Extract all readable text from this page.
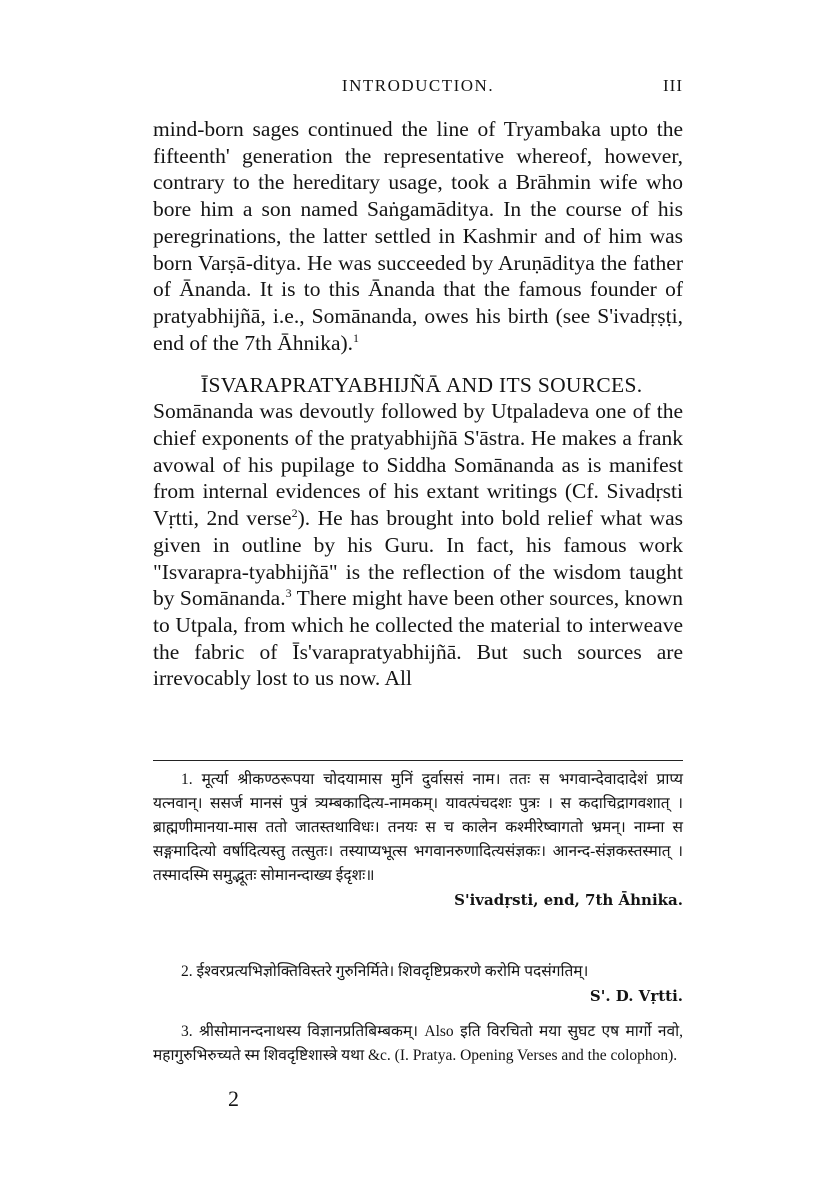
INTRODUCTION.	III

mind-born sages continued the line of Tryambaka upto the fifteenth' generation the representative whereof, however, contrary to the hereditary usage, took a Brāhmin wife who bore him a son named Saṅgamāditya. In the course of his peregrinations, the latter settled in Kashmir and of him was born Varṣā-ditya. He was succeeded by Aruṇāditya the father of Ānanda. It is to this Ānanda that the famous founder of pratyabhijñā, i.e., Somānanda, owes his birth (see S'ivadṛṣṭi, end of the 7th Āhnika).$^1$

ĪSVARAPRATYABHIJÑĀ AND ITS SOURCES.

Somānanda was devoutly followed by Utpaladeva one of the chief exponents of the pratyabhijñā S'āstra. He makes a frank avowal of his pupilage to Siddha Somānanda as is manifest from internal evidences of his extant writings (Cf. Sivadṛsti Vṛtti, 2nd verse$^2$). He has brought into bold relief what was given in outline by his Guru. In fact, his famous work "Isvarapra-tyabhijñā" is the reflection of the wisdom taught by Somānanda.$^3$ There might have been other sources, known to Utpala, from which he collected the material to interweave the fabric of Īs'varapratyabhijñā. But such sources are irrevocably lost to us now. All

1. मूर्त्या श्रीकण्ठरूपया चोदयामास मुनिं दुर्वाससं नाम। ततः स भगवान्देवादादेशं प्राप्य यत्नवान्। ससर्ज मानसं पुत्रं त्र्यम्बकादित्य-नामकम्। यावत्पंचदशः पुत्रः । स कदाचिद्रागवशात् । ब्राह्मणीमानया-मास ततो जातस्तथाविधः। तनयः स च कालेन कश्मीरेष्वागतो भ्रमन्। नाम्ना स सङ्गमादित्यो वर्षादित्यस्तु तत्सुतः। तस्याप्यभूत्स भगवानरुणादित्यसंज्ञकः। आनन्द-संज्ञकस्तस्मात् । तस्मादस्मि समुद्भूतः सोमानन्दाख्य ईदृशः॥

S'ivadṛsti, end, 7th Āhnika.

2. ईश्वरप्रत्यभिज्ञोक्तिविस्तरे गुरुनिर्मिते। शिवदृष्टिप्रकरणे करोमि पदसंगतिम्।

S'. D. Vṛtti.

3. श्रीसोमानन्दनाथस्य विज्ञानप्रतिबिम्बकम्। Also इति विरचितो मया सुघट एष मार्गो नवो, महागुरुभिरुच्यते स्म शिवदृष्टिशास्त्रे यथा &c. (I. Pratya. Opening Verses and the colophon).

2
